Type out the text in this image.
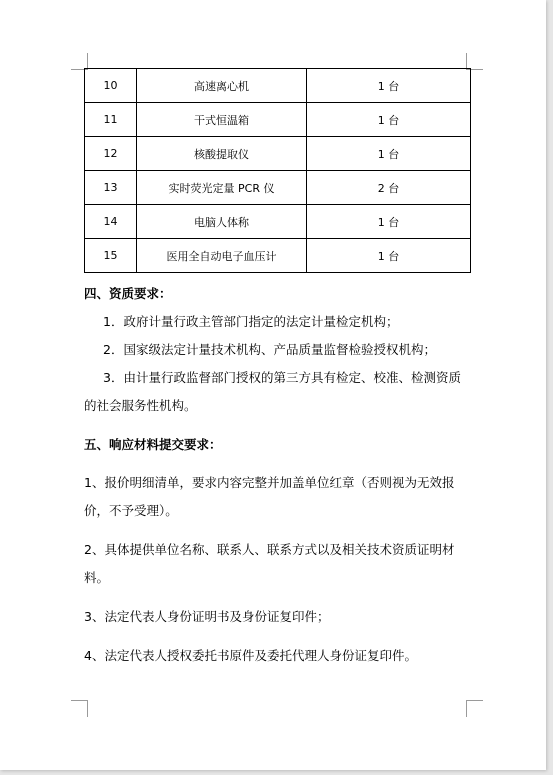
10	高速离心机	1 台
11	干式恒温箱	1 台
12	核酸提取仪	1 台
13	实时荧光定量 PCR 仪	2 台
14	电脑人体称	1 台
15	医用全自动电子血压计	1 台
四、资质要求：
1．政府计量行政主管部门指定的法定计量检定机构；
2．国家级法定计量技术机构、产品质量监督检验授权机构；
3．由计量行政监督部门授权的第三方具有检定、校准、检测资质
的社会服务性机构。
五、响应材料提交要求：
1、报价明细清单，要求内容完整并加盖单位红章（否则视为无效报
价，不予受理）。
2、具体提供单位名称、联系人、联系方式以及相关技术资质证明材
料。
3、法定代表人身份证明书及身份证复印件；
4、法定代表人授权委托书原件及委托代理人身份证复印件。
